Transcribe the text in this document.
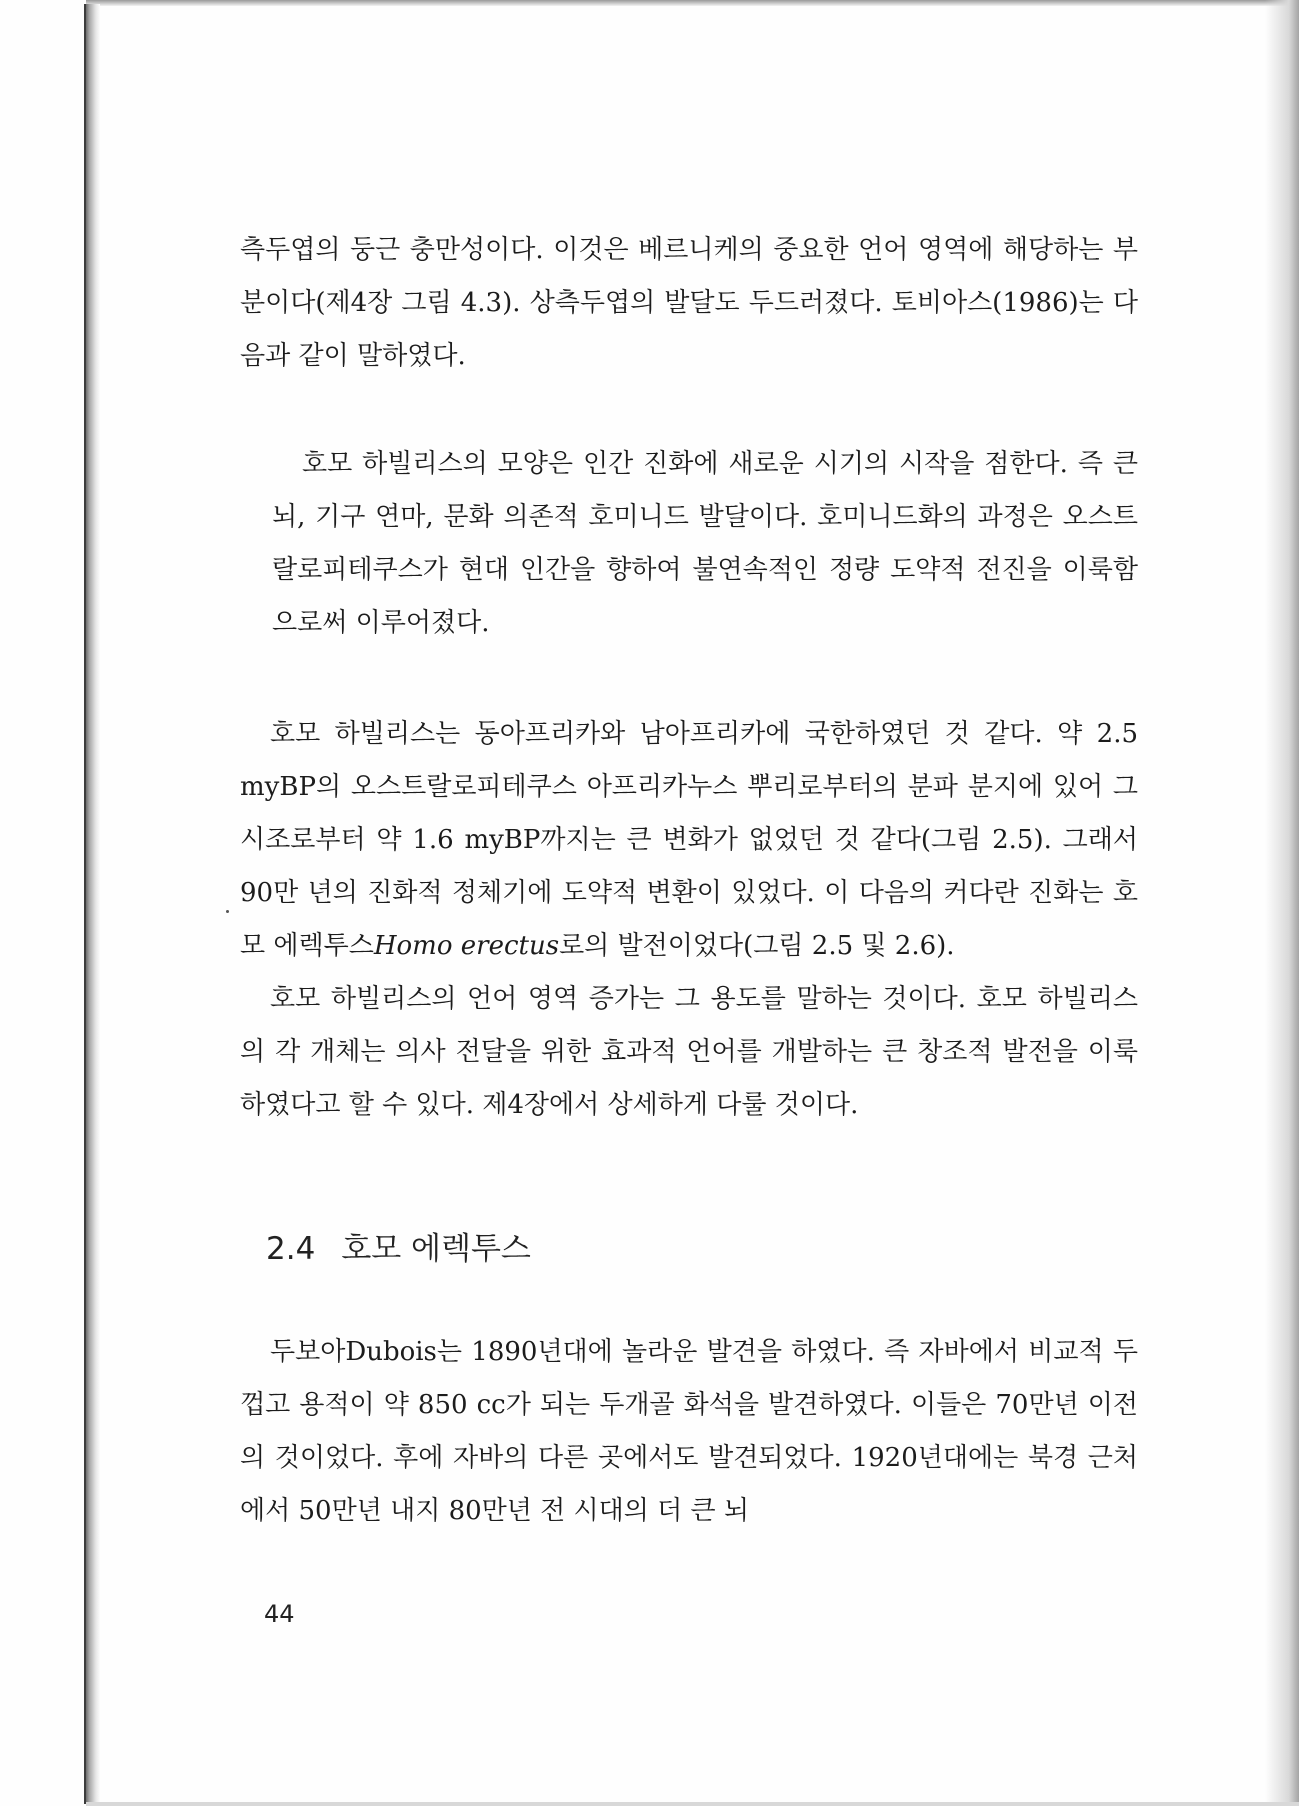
측두엽의 둥근 충만성이다. 이것은 베르니케의 중요한 언어 영역에 해당하는 부분이다(제4장 그림 4.3). 상측두엽의 발달도 두드러졌다. 토비아스(1986)는 다음과 같이 말하였다.

호모 하빌리스의 모양은 인간 진화에 새로운 시기의 시작을 점한다. 즉 큰 뇌, 기구 연마, 문화 의존적 호미니드 발달이다. 호미니드화의 과정은 오스트랄로피테쿠스가 현대 인간을 향하여 불연속적인 정량 도약적 전진을 이룩함으로써 이루어졌다.

호모 하빌리스는 동아프리카와 남아프리카에 국한하였던 것 같다. 약 2.5 myBP의 오스트랄로피테쿠스 아프리카누스 뿌리로부터의 분파 분지에 있어 그 시조로부터 약 1.6 myBP까지는 큰 변화가 없었던 것 같다(그림 2.5). 그래서 90만 년의 진화적 정체기에 도약적 변환이 있었다. 이 다음의 커다란 진화는 호모 에렉투스Homo erectus로의 발전이었다(그림 2.5 및 2.6).

호모 하빌리스의 언어 영역 증가는 그 용도를 말하는 것이다. 호모 하빌리스의 각 개체는 의사 전달을 위한 효과적 언어를 개발하는 큰 창조적 발전을 이룩하였다고 할 수 있다. 제4장에서 상세하게 다룰 것이다.

2.4 호모 에렉투스

두보아Dubois는 1890년대에 놀라운 발견을 하였다. 즉 자바에서 비교적 두껍고 용적이 약 850 cc가 되는 두개골 화석을 발견하였다. 이들은 70만년 이전의 것이었다. 후에 자바의 다른 곳에서도 발견되었다. 1920년대에는 북경 근처에서 50만년 내지 80만년 전 시대의 더 큰 뇌

44
